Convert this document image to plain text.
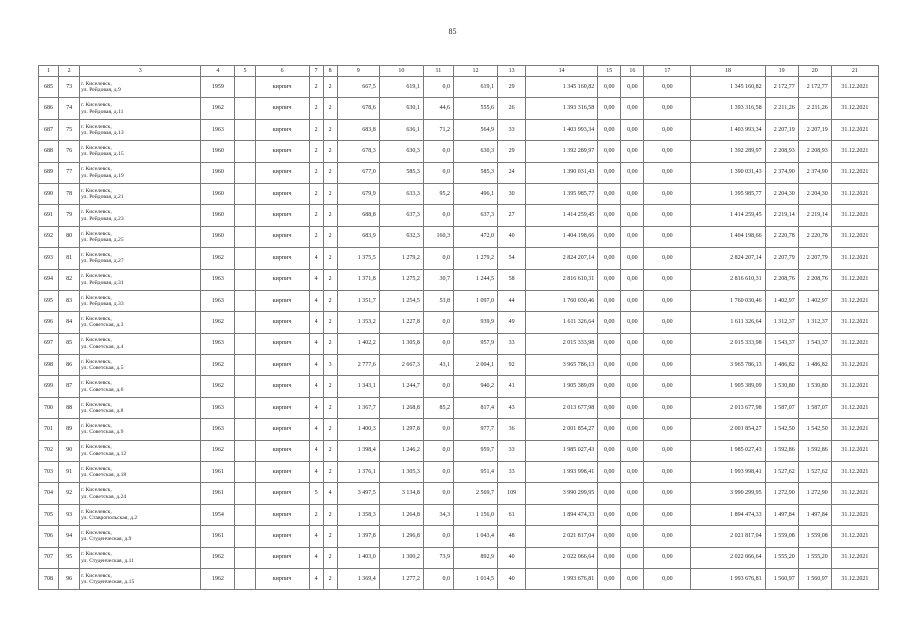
85
1	2	3	4	5	6	7	8	9	10	11	12	13	14	15	16	17	18	19	20	21
685	73	г. Киселевск,
ул. Рейдовая, д.9	1959		кирпич	2	2	667,5	619,1	0,0	619,1	29	1 345 160,82	0,00	0,00	0,00	1 345 160,82	2 172,77	2 172,77	31.12.2021
686	74	г. Киселевск,
ул. Рейдовая, д.11	1962		кирпич	2	2	678,6	630,1	44,6	555,6	26	1 393 316,58	0,00	0,00	0,00	1 393 316,58	2 211,26	2 211,26	31.12.2021
687	75	г. Киселевск,
ул. Рейдовая, д.13	1963		кирпич	2	2	683,8	636,1	71,2	564,9	33	1 403 993,34	0,00	0,00	0,00	1 403 993,34	2 207,19	2 207,19	31.12.2021
688	76	г. Киселевск,
ул. Рейдовая, д.15	1960		кирпич	2	2	678,3	630,3	0,0	630,3	29	1 392 289,97	0,00	0,00	0,00	1 392 289,97	2 208,93	2 208,93	31.12.2021
689	77	г. Киселевск,
ул. Рейдовая, д.19	1960		кирпич	2	2	677,0	585,3	0,0	585,3	24	1 390 031,43	0,00	0,00	0,00	1 390 031,43	2 374,90	2 374,90	31.12.2021
690	78	г. Киселевск,
ул. Рейдовая, д.21	1960		кирпич	2	2	679,9	633,3	95,2	496,1	30	1 395 985,77	0,00	0,00	0,00	1 395 985,77	2 204,30	2 204,30	31.12.2021
691	79	г. Киселевск,
ул. Рейдовая, д.23	1960		кирпич	2	2	688,8	637,3	0,0	637,3	27	1 414 259,45	0,00	0,00	0,00	1 414 259,45	2 219,14	2 219,14	31.12.2021
692	80	г. Киселевск,
ул. Рейдовая, д.25	1960		кирпич	2	2	683,9	632,3	160,3	472,0	40	1 404 198,66	0,00	0,00	0,00	1 404 198,66	2 220,78	2 220,78	31.12.2021
693	81	г. Киселевск,
ул. Рейдовая, д.27	1962		кирпич	4	2	1 375,5	1 279,2	0,0	1 279,2	54	2 824 207,14	0,00	0,00	0,00	2 824 207,14	2 207,79	2 207,79	31.12.2021
694	82	г. Киселевск,
ул. Рейдовая, д.31	1963		кирпич	4	2	1 371,8	1 275,2	30,7	1 244,5	58	2 816 610,31	0,00	0,00	0,00	2 816 610,31	2 208,76	2 208,76	31.12.2021
695	83	г. Киселевск,
ул. Рейдовая, д.33	1963		кирпич	4	2	1 351,7	1 254,5	53,8	1 097,0	44	1 760 030,46	0,00	0,00	0,00	1 760 030,46	1 402,97	1 402,97	31.12.2021
696	84	г. Киселевск,
ул. Советская, д.3	1962		кирпич	4	2	1 353,2	1 227,8	0,0	939,9	49	1 611 326,64	0,00	0,00	0,00	1 611 326,64	1 312,37	1 312,37	31.12.2021
697	85	г. Киселевск,
ул. Советская, д.4	1963		кирпич	4	2	1 402,2	1 305,8	0,0	957,9	33	2 015 333,98	0,00	0,00	0,00	2 015 333,98	1 543,37	1 543,37	31.12.2021
698	86	г. Киселевск,
ул. Советская, д.5	1962		кирпич	4	3	2 777,6	2 667,3	43,1	2 004,1	92	3 965 786,13	0,00	0,00	0,00	3 965 786,13	1 486,82	1 486,82	31.12.2021
699	87	г. Киселевск,
ул. Советская, д.6	1962		кирпич	4	2	1 343,1	1 244,7	0,0	940,2	41	1 905 389,09	0,00	0,00	0,00	1 905 389,09	1 530,80	1 530,80	31.12.2021
700	88	г. Киселевск,
ул. Советская, д.8	1963		кирпич	4	2	1 367,7	1 268,8	85,2	817,4	43	2 013 677,98	0,00	0,00	0,00	2 013 677,98	1 587,07	1 587,07	31.12.2021
701	89	г. Киселевск,
ул. Советская, д.9	1963		кирпич	4	2	1 400,3	1 297,8	0,0	977,7	36	2 001 854,27	0,00	0,00	0,00	2 001 854,27	1 542,50	1 542,50	31.12.2021
702	90	г. Киселевск,
ул. Советская, д.12	1962		кирпич	4	2	1 398,4	1 246,2	0,0	959,7	33	1 985 027,43	0,00	0,00	0,00	1 985 027,43	1 592,86	1 592,86	31.12.2021
703	91	г. Киселевск,
ул. Советская, д.18	1961		кирпич	4	2	1 376,1	1 305,3	0,0	951,4	33	1 993 998,41	0,00	0,00	0,00	1 993 998,41	1 527,62	1 527,62	31.12.2021
704	92	г. Киселевск,
ул. Советская, д.24	1961		кирпич	5	4	3 497,5	3 134,8	0,0	2 569,7	109	3 990 299,95	0,00	0,00	0,00	3 990 299,95	1 272,90	1 272,90	31.12.2021
705	93	г. Киселевск,
ул. Ставропольская, д.2	1954		кирпич	2	2	1 358,3	1 264,8	34,3	1 156,0	61	1 894 474,33	0,00	0,00	0,00	1 894 474,33	1 497,84	1 497,84	31.12.2021
706	94	г. Киселевск,
ул. Студенческая, д.9	1961		кирпич	4	2	1 397,8	1 296,8	0,0	1 043,4	48	2 021 817,04	0,00	0,00	0,00	2 021 817,04	1 559,08	1 559,08	31.12.2021
707	95	г. Киселевск,
ул. Студенческая, д.11	1962		кирпич	4	2	1 403,0	1 300,2	73,9	892,9	40	2 022 066,64	0,00	0,00	0,00	2 022 066,64	1 555,20	1 555,20	31.12.2021
708	96	г. Киселевск,
ул. Студенческая, д.15	1962		кирпич	4	2	1 369,4	1 277,2	0,0	1 014,5	40	1 993 676,81	0,00	0,00	0,00	1 993 676,81	1 560,97	1 560,97	31.12.2021
